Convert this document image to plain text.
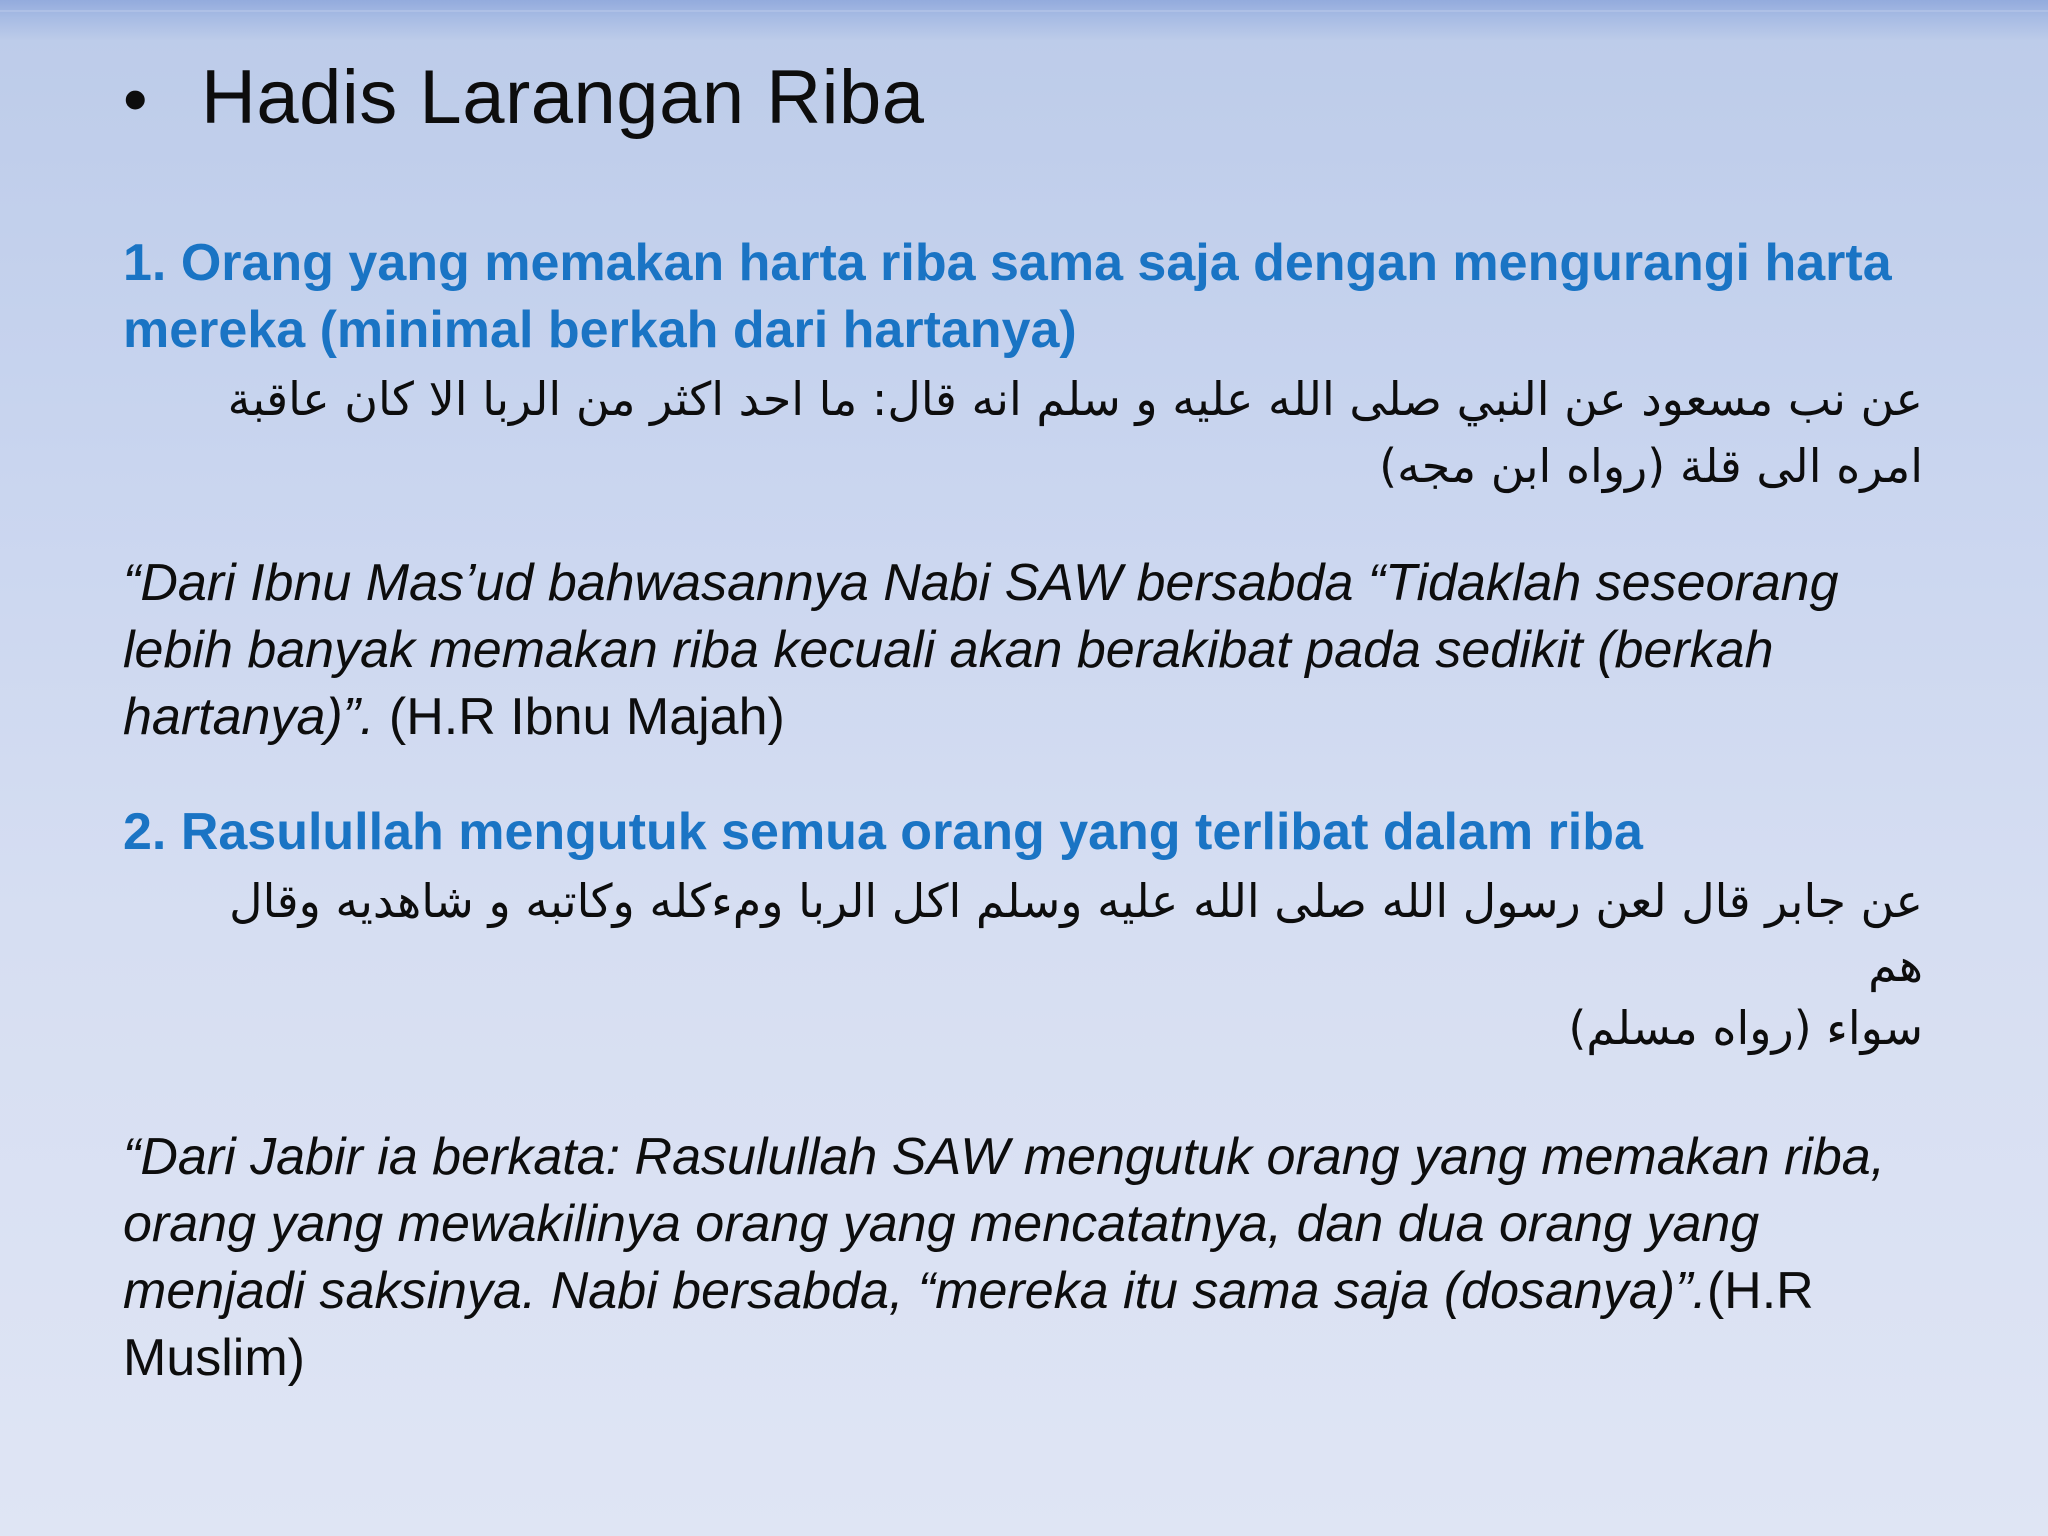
• Hadis Larangan Riba

1. Orang yang memakan harta riba sama saja dengan mengurangi harta mereka (minimal berkah dari hartanya)

عن نب مسعود عن النبي صلى الله عليه و سلم انه قال: ما احد اكثر من الربا الا كان عاقبة

امره الى قلة (رواه ابن مجه)

“Dari Ibnu Mas’ud bahwasannya Nabi SAW bersabda “Tidaklah seseorang lebih banyak memakan riba kecuali akan berakibat pada sedikit (berkah hartanya)”. (H.R Ibnu Majah)

2. Rasulullah mengutuk semua orang yang terlibat dalam riba

عن جابر قال لعن رسول الله صلى الله عليه وسلم اكل الربا ومءكله وكاتبه و شاهديه وقال

هم

سواء (رواه مسلم)

“Dari Jabir ia berkata: Rasulullah SAW mengutuk orang yang memakan riba, orang yang mewakilinya orang yang mencatatnya, dan dua orang yang menjadi saksinya. Nabi bersabda, “mereka itu sama saja (dosanya)”.(H.R Muslim)
